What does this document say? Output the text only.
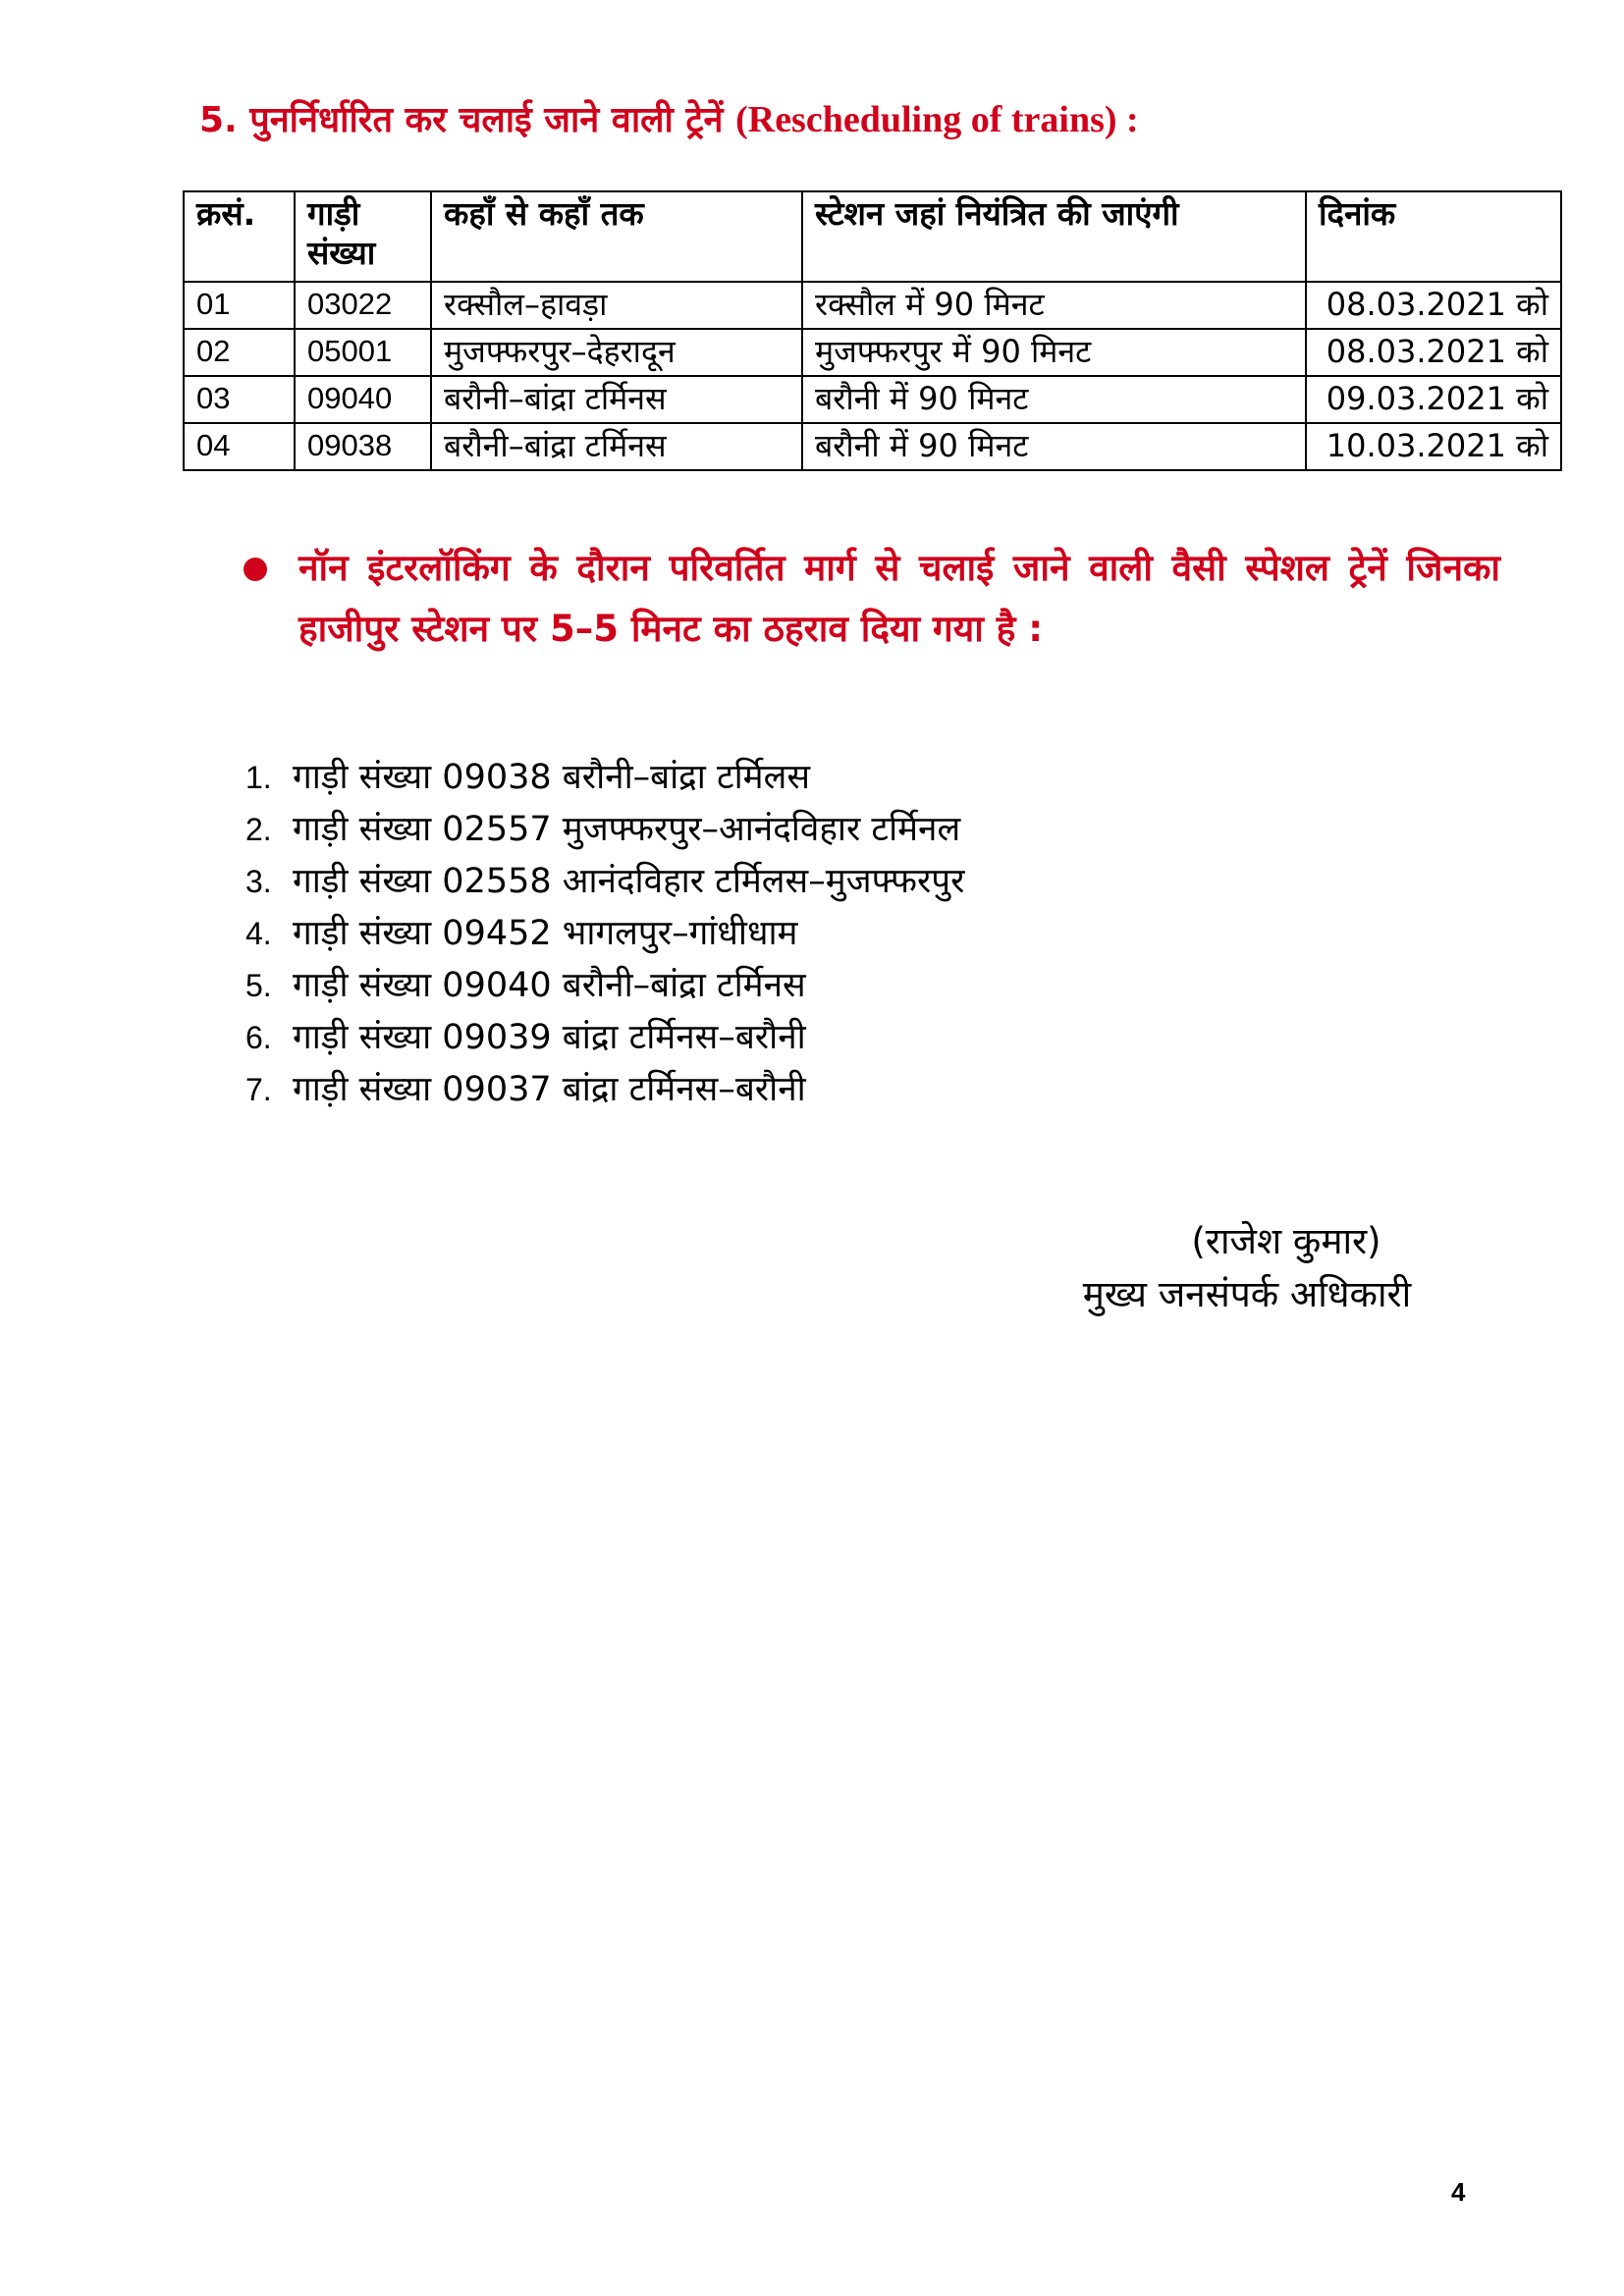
5. पुनर्निर्धारित कर चलाई जाने वाली ट्रेनें (Rescheduling of trains) :
क्रसं.	गाड़ी संख्या	कहाँ से कहाँ तक	स्टेशन जहां नियंत्रित की जाएंगी	दिनांक
01	03022	रक्सौल–हावड़ा	रक्सौल में 90 मिनट	08.03.2021 को
02	05001	मुजफ्फरपुर–देहरादून	मुजफ्फरपुर में 90 मिनट	08.03.2021 को
03	09040	बरौनी–बांद्रा टर्मिनस	बरौनी में 90 मिनट	09.03.2021 को
04	09038	बरौनी–बांद्रा टर्मिनस	बरौनी में 90 मिनट	10.03.2021 को
नॉन इंटरलॉकिंग के दौरान परिवर्तित मार्ग से चलाई जाने वाली वैसी स्पेशल ट्रेनें जिनका हाजीपुर स्टेशन पर 5–5 मिनट का ठहराव दिया गया है :
1. गाड़ी संख्या 09038 बरौनी–बांद्रा टर्मिलस
2. गाड़ी संख्या 02557 मुजफ्फरपुर–आनंदविहार टर्मिनल
3. गाड़ी संख्या 02558 आनंदविहार टर्मिलस–मुजफ्फरपुर
4. गाड़ी संख्या 09452 भागलपुर–गांधीधाम
5. गाड़ी संख्या 09040 बरौनी–बांद्रा टर्मिनस
6. गाड़ी संख्या 09039 बांद्रा टर्मिनस–बरौनी
7. गाड़ी संख्या 09037 बांद्रा टर्मिनस–बरौनी
(राजेश कुमार)
मुख्य जनसंपर्क अधिकारी
4
